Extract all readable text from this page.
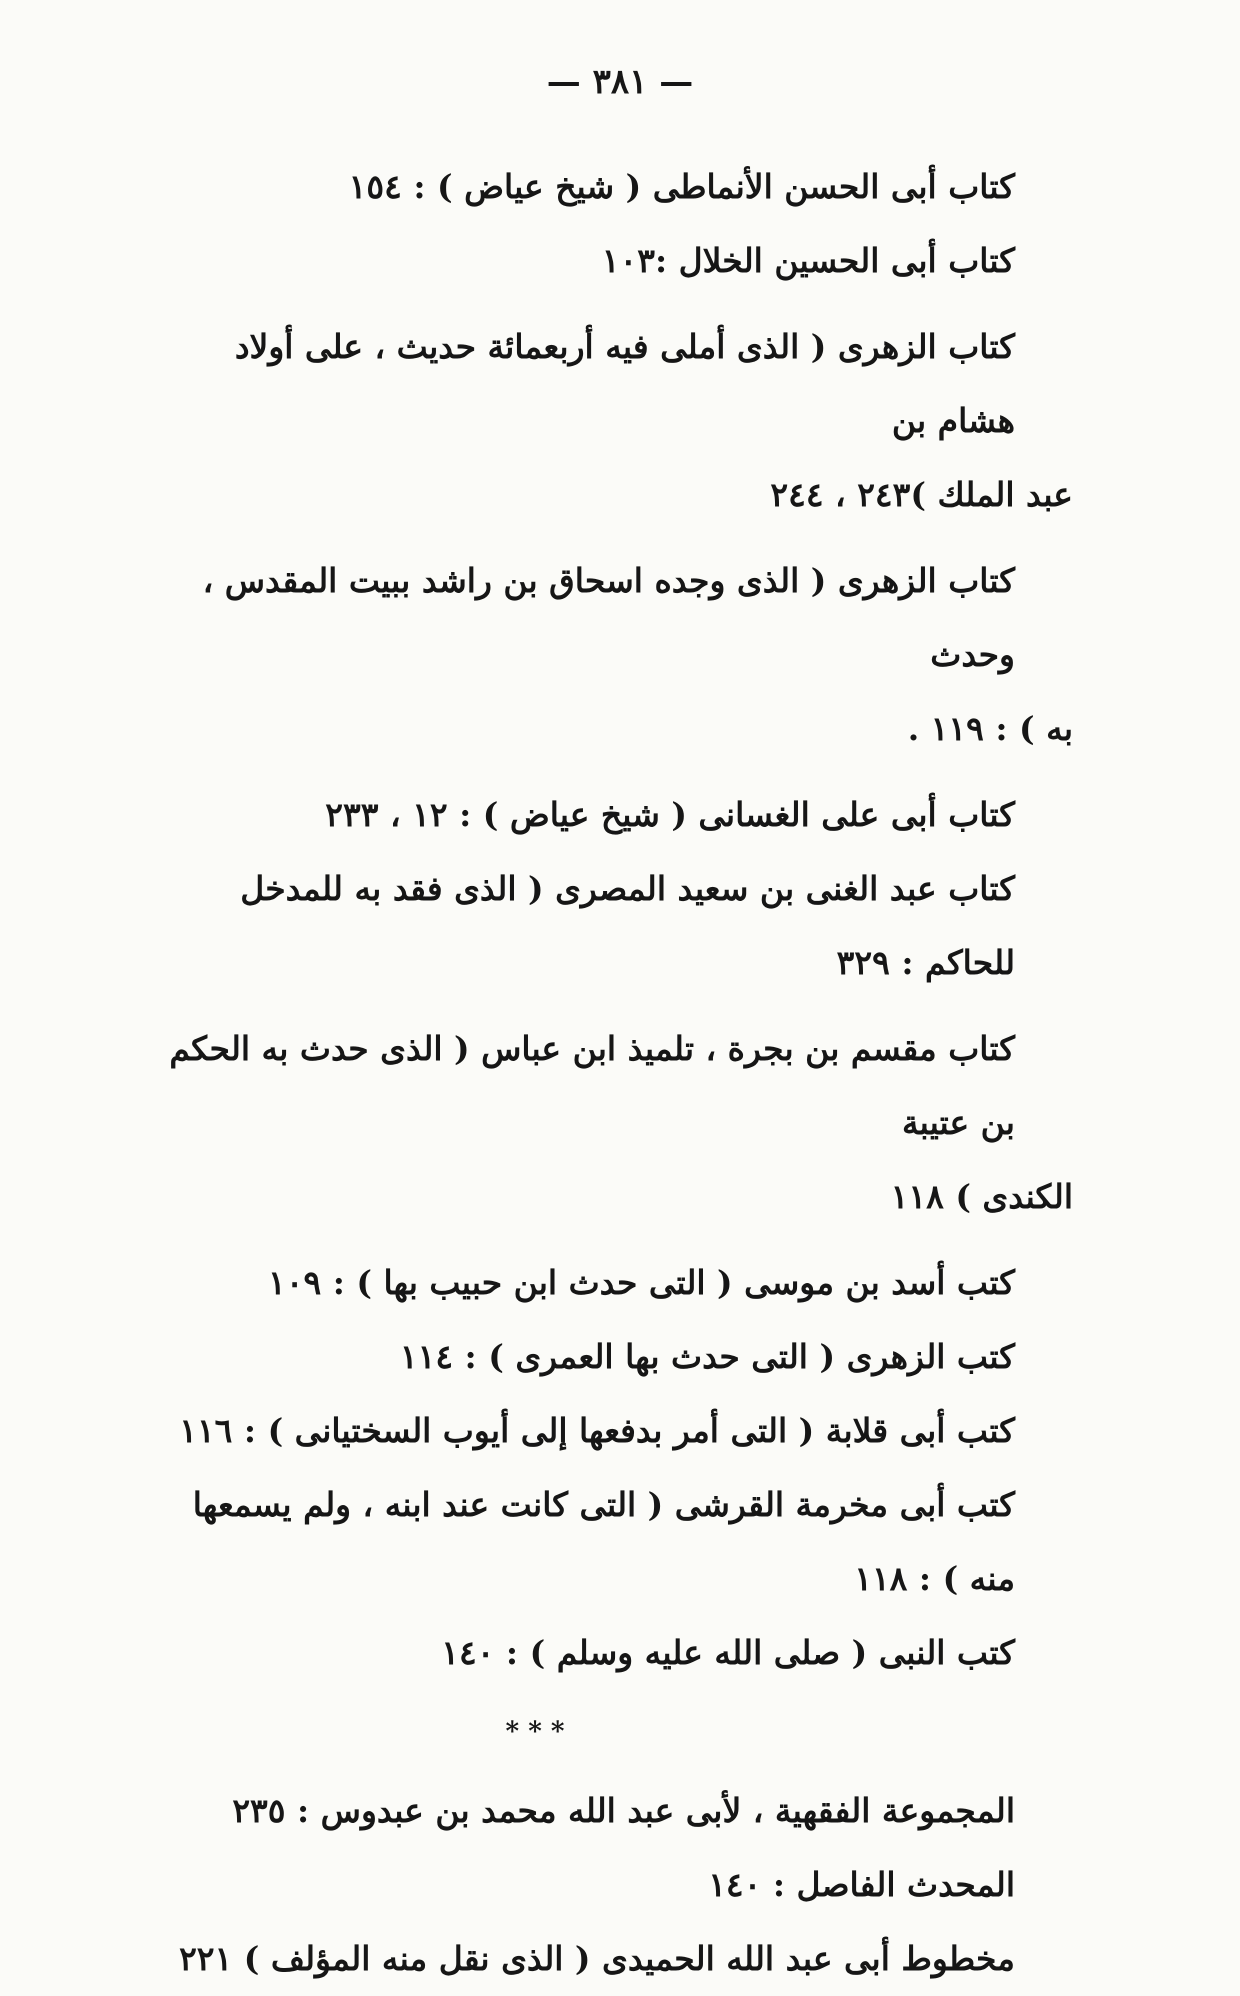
— ٣٨١ —
كتاب أبى الحسن الأنماطى ( شيخ عياض ) : ١٥٤
كتاب أبى الحسين الخلال :١٠٣
كتاب الزهرى ( الذى أملى فيه أربعمائة حديث ، على أولاد هشام بن
عبد الملك )٢٤٣ ، ٢٤٤
كتاب الزهرى ( الذى وجده اسحاق بن راشد ببيت المقدس ، وحدث
به ) : ١١٩ .
كتاب أبى على الغسانى ( شيخ عياض ) : ١٢ ، ٢٣٣
كتاب عبد الغنى بن سعيد المصرى ( الذى فقد به للمدخل للحاكم : ٣٢٩
كتاب مقسم بن بجرة ، تلميذ ابن عباس ( الذى حدث به الحكم بن عتيبة
الكندى ) ١١٨
كتب أسد بن موسى ( التى حدث ابن حبيب بها ) : ١٠٩
كتب الزهرى ( التى حدث بها العمرى ) : ١١٤
كتب أبى قلابة ( التى أمر بدفعها إلى أيوب السختيانى ) : ١١٦
كتب أبى مخرمة القرشى ( التى كانت عند ابنه ، ولم يسمعها منه ) : ١١٨
كتب النبى ( صلى الله عليه وسلم ) : ١٤٠
* * *
المجموعة الفقهية ، لأبى عبد الله محمد بن عبدوس : ٢٣٥
المحدث الفاصل : ١٤٠
مخطوط أبى عبد الله الحميدى ( الذى نقل منه المؤلف ) ٢٢١
